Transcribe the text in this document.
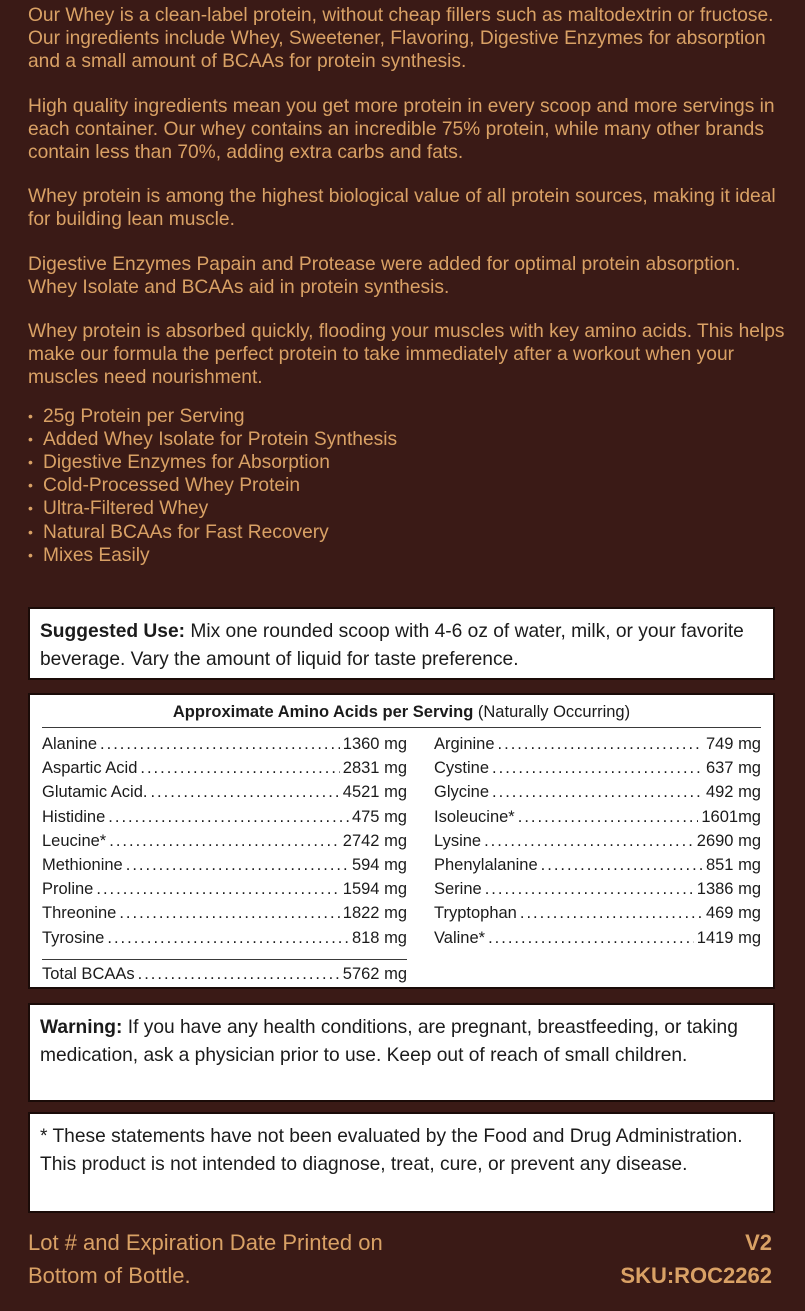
Our Whey is a clean-label protein, without cheap fillers such as maltodextrin or fructose. Our ingredients include Whey, Sweetener, Flavoring, Digestive Enzymes for absorption and a small amount of BCAAs for protein synthesis.

High quality ingredients mean you get more protein in every scoop and more servings in each container. Our whey contains an incredible 75% protein, while many other brands contain less than 70%, adding extra carbs and fats.

Whey protein is among the highest biological value of all protein sources, making it ideal for building lean muscle.

Digestive Enzymes Papain and Protease were added for optimal protein absorption. Whey Isolate and BCAAs aid in protein synthesis.

Whey protein is absorbed quickly, flooding your muscles with key amino acids. This helps make our formula the perfect protein to take immediately after a workout when your muscles need nourishment.

• 25g Protein per Serving
• Added Whey Isolate for Protein Synthesis
• Digestive Enzymes for Absorption
• Cold-Processed Whey Protein
• Ultra-Filtered Whey
• Natural BCAAs for Fast Recovery
• Mixes Easily
Suggested Use: Mix one rounded scoop with 4-6 oz of water, milk, or your favorite beverage. Vary the amount of liquid for taste preference.
Approximate Amino Acids per Serving (Naturally Occurring)
Alanine .....	1360 mg
Aspartic Acid .....	2831 mg
Glutamic Acid. .....	4521 mg
Histidine .....	475 mg
Leucine* .....	2742 mg
Methionine .....	594 mg
Proline .....	1594 mg
Threonine .....	1822 mg
Tyrosine .....	818 mg
Arginine .....	749 mg
Cystine .....	637 mg
Glycine .....	492 mg
Isoleucine* .....	1601mg
Lysine .....	2690 mg
Phenylalanine .....	851 mg
Serine .....	1386 mg
Tryptophan .....	469 mg
Valine* .....	1419 mg
Total BCAAs .....	5762 mg
Warning: If you have any health conditions, are pregnant, breastfeeding, or taking medication, ask a physician prior to use. Keep out of reach of small children.
* These statements have not been evaluated by the Food and Drug Administration. This product is not intended to diagnose, treat, cure, or prevent any disease.
Lot # and Expiration Date Printed on
Bottom of Bottle.
V2
SKU:ROC2262
